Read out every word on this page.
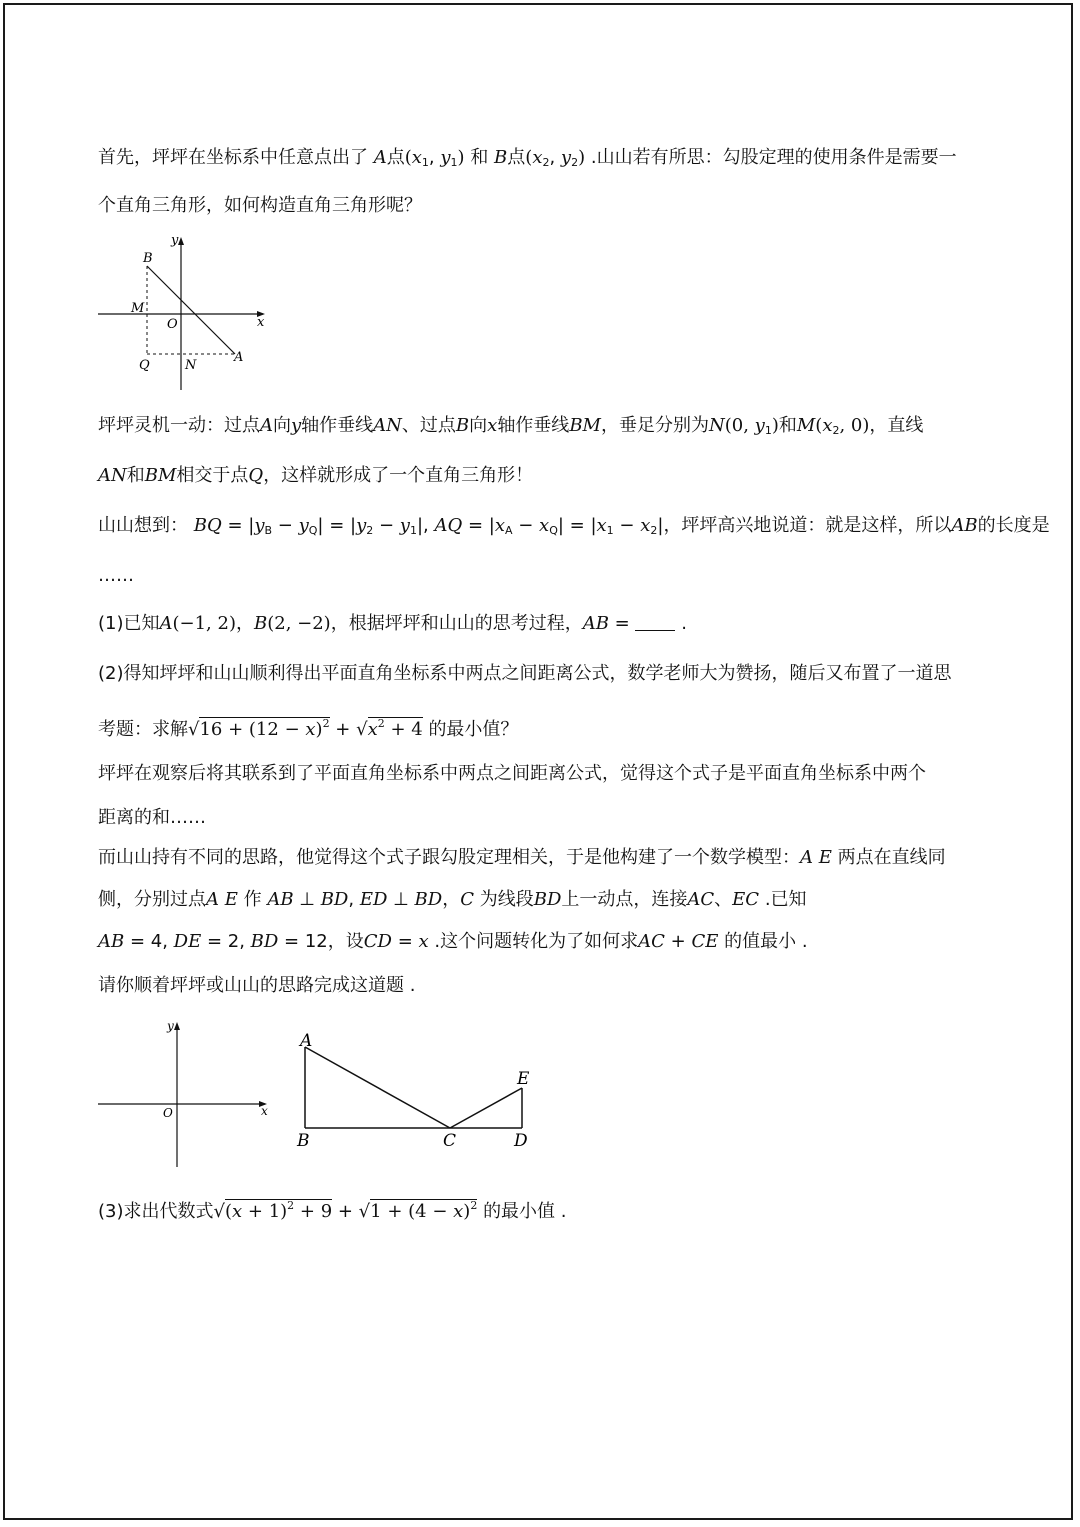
首先，坪坪在坐标系中任意点出了 A点($x_1$, $y_1$) 和 B点($x_2$, $y_2$) .山山若有所思：勾股定理的使用条件是需要一
个直角三角形，如何构造直角三角形呢？
y
x
B
M
O
Q	N
A
坪坪灵机一动：过点A向y轴作垂线AN、过点B向x轴作垂线BM，垂足分别为N(0, $y_1$)和$M(x_2$, 0)，直线
AN和BM相交于点Q，这样就形成了一个直角三角形！
山山想到： BQ = $|y_B - y_Q| = |y_2 - y_1|$, AQ = $|x_A - x_Q| = |x_1 - x_2|$，坪坪高兴地说道：就是这样，所以AB的长度是
……
(1)已知A(−1, 2)，B(2, −2)，根据坪坪和山山的思考过程，AB =	.
(2)得知坪坪和山山顺利得出平面直角坐标系中两点之间距离公式，数学老师大为赞扬，随后又布置了一道思
考题：求解$√16 + (12 - x)^2 + √x^2 + 4$ 的最小值？
坪坪在观察后将其联系到了平面直角坐标系中两点之间距离公式，觉得这个式子是平面直角坐标系中两个
距离的和……
而山山持有不同的思路，他觉得这个式子跟勾股定理相关，于是他构建了一个数学模型：A E 两点在直线同
侧，分别过点A E 作 AB ⊥ BD, ED ⊥ BD，C 为线段BD上一动点，连接AC、EC .已知
AB = 4, DE = 2, BD = 12，设CD = x .这个问题转化为了如何求AC + CE 的值最小 .
请你顺着坪坪或山山的思路完成这道题 .
y
x
O
A
B	C	D
E
(3)求出代数式$√(x + 1)^2 + 9 + √1 + (4 - x)^2$ 的最小值 .
